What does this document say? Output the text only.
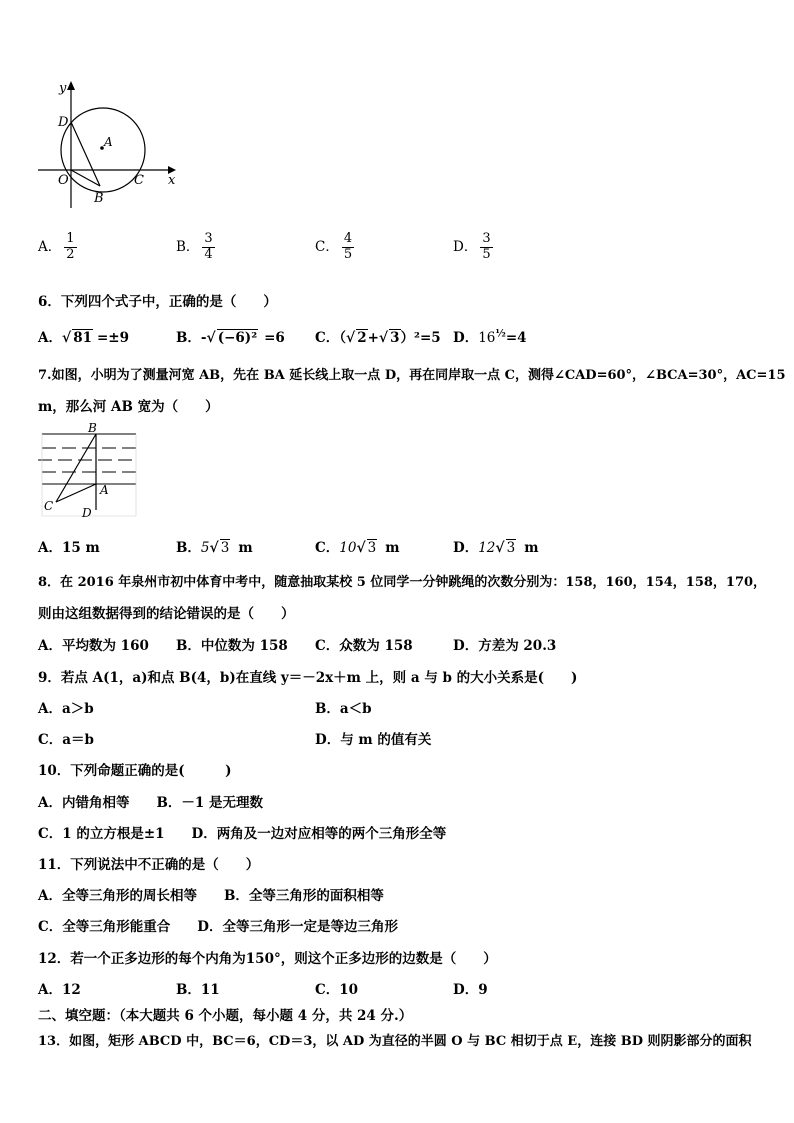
y
x
D
A
O	C
B
A． $\frac{1}{2}$	B． $\frac{3}{4}$	C． $\frac{4}{5}$	D． $\frac{3}{5}$
6．下列四个式子中，正确的是（　　）
A．√ 81 =±9	B．-√ (−6)² =6 C．（√ 2+√ 3）²=5 D．$16^{\frac{1}{2}}=4$
7.如图，小明为了测量河宽 AB，先在 BA 延长线上取一点 D，再在同岸取一点 C，测得∠CAD=60°，∠BCA=30°，AC=15
m，那么河 AB 宽为（　　）
B
A
C D
A．15 m	B．5√ 3 m	C．10√ 3 m	D．12√ 3 m
8．在 2016 年泉州市初中体育中考中，随意抽取某校 5 位同学一分钟跳绳的次数分别为：158，160，154，158，170，
则由这组数据得到的结论错误的是（　　）
A．平均数为 160 B．中位数为 158 C．众数为 158	D．方差为 20.3
9．若点 A(1，a)和点 B(4，b)在直线 y＝－2x＋m 上，则 a 与 b 的大小关系是(　　)
A．a＞b	B．a＜b
C．a＝b	D．与 m 的值有关
10．下列命题正确的是(　　　)
A．内错角相等　　B．－1 是无理数
C．1 的立方根是±1　　D．两角及一边对应相等的两个三角形全等
11．下列说法中不正确的是（　　）
A．全等三角形的周长相等　　B．全等三角形的面积相等
C．全等三角形能重合　　D．全等三角形一定是等边三角形
12．若一个正多边形的每个内角为150°，则这个正多边形的边数是（　　）
A．12	B．11	C．10	D．9
二、填空题：（本大题共 6 个小题，每小题 4 分，共 24 分.）
13．如图，矩形 ABCD 中，BC＝6，CD＝3，以 AD 为直径的半圆 O 与 BC 相切于点 E，连接 BD 则阴影部分的面积
